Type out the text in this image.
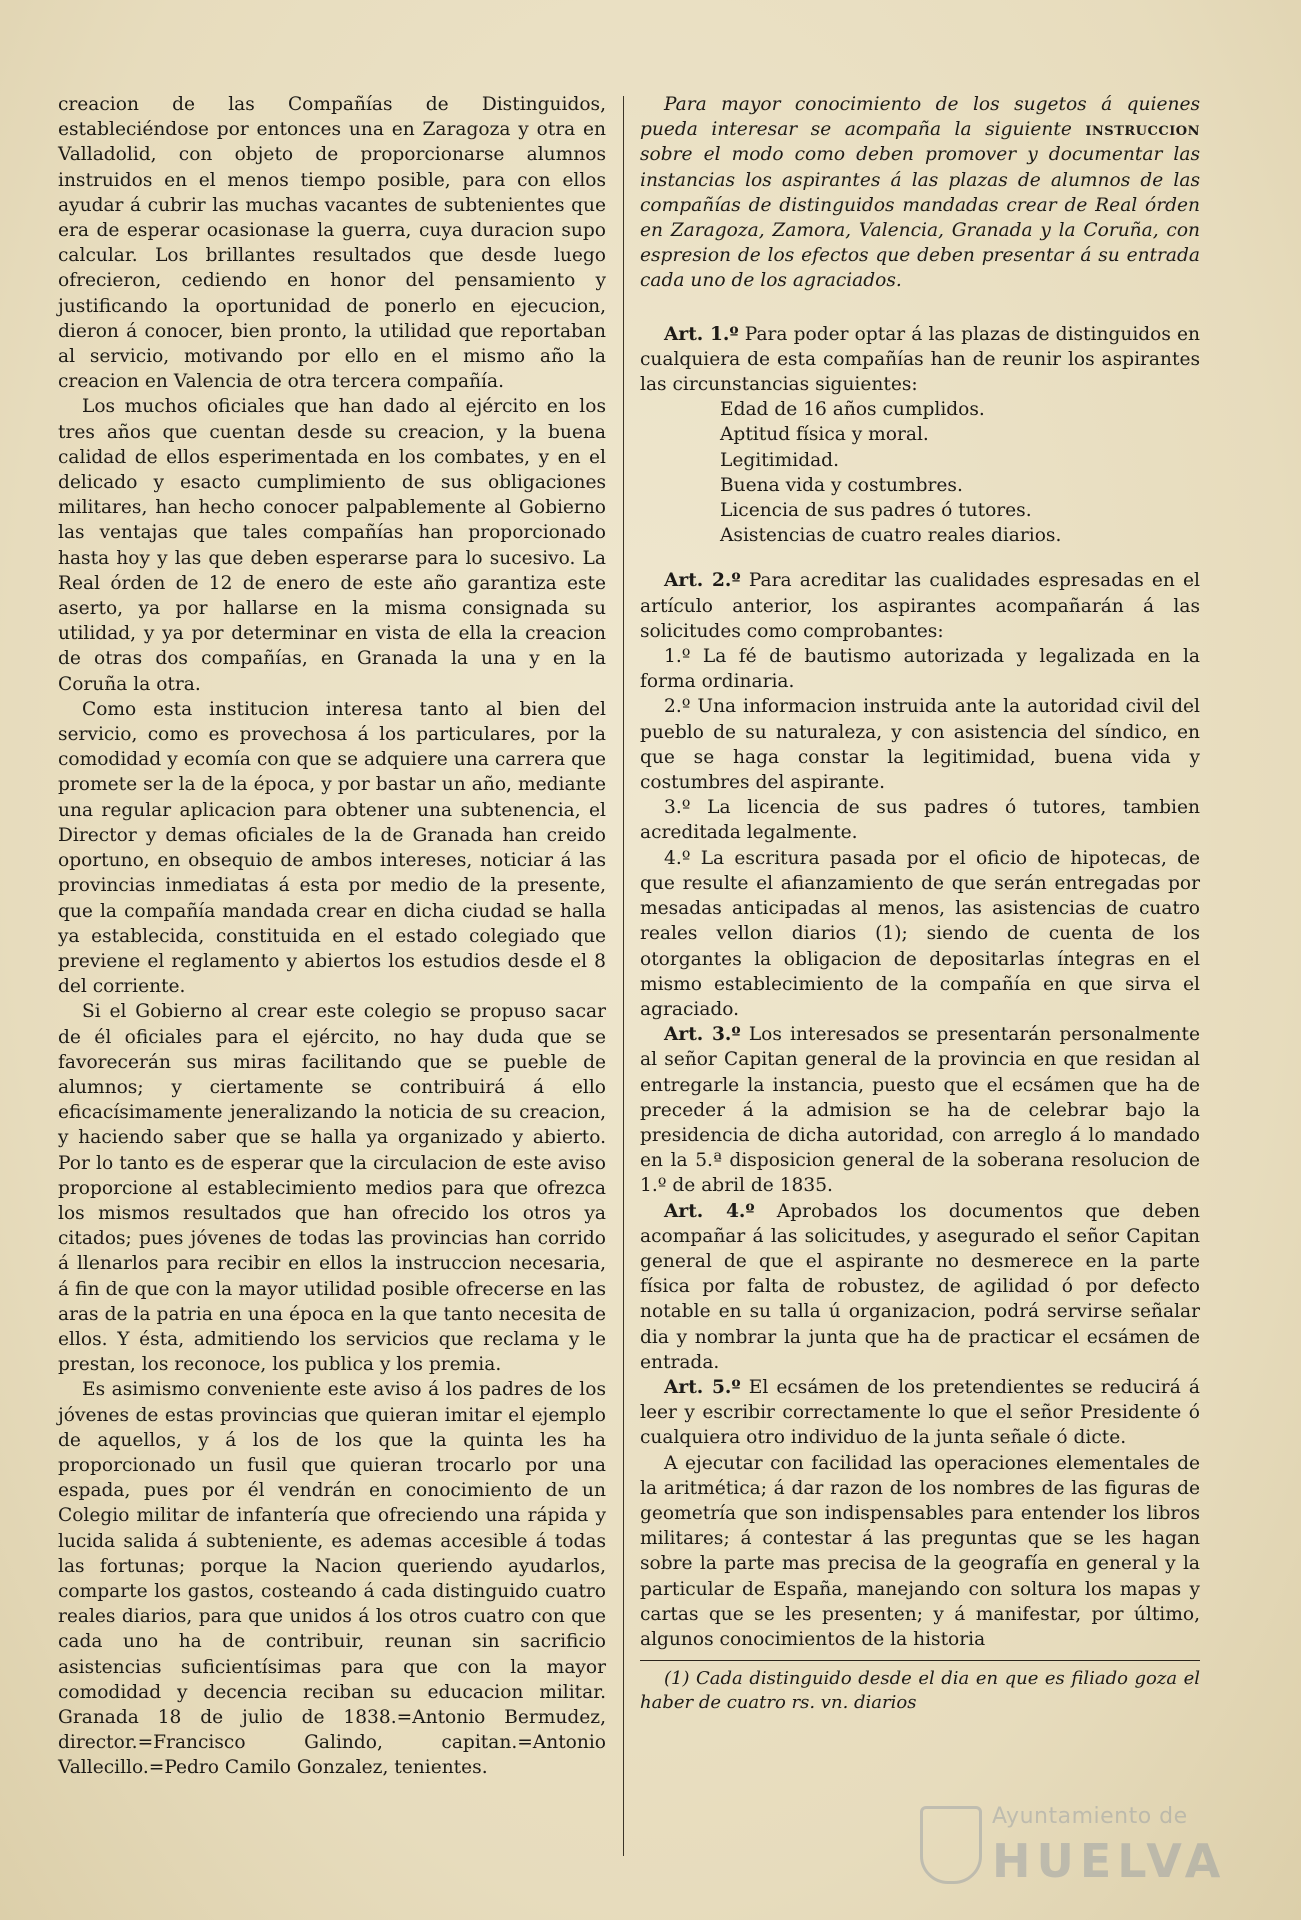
creacion de las Compañías de Distinguidos, estableciéndose por entonces una en Zaragoza y otra en Valladolid, con objeto de proporcionarse alumnos instruidos en el menos tiempo posible, para con ellos ayudar á cubrir las muchas vacantes de subtenientes que era de esperar ocasionase la guerra, cuya duracion supo calcular. Los brillantes resultados que desde luego ofrecieron, cediendo en honor del pensamiento y justificando la oportunidad de ponerlo en ejecucion, dieron á conocer, bien pronto, la utilidad que reportaban al servicio, motivando por ello en el mismo año la creacion en Valencia de otra tercera compañía.

Los muchos oficiales que han dado al ejército en los tres años que cuentan desde su creacion, y la buena calidad de ellos esperimentada en los combates, y en el delicado y esacto cumplimiento de sus obligaciones militares, han hecho conocer palpablemente al Gobierno las ventajas que tales compañías han proporcionado hasta hoy y las que deben esperarse para lo sucesivo. La Real órden de 12 de enero de este año garantiza este aserto, ya por hallarse en la misma consignada su utilidad, y ya por determinar en vista de ella la creacion de otras dos compañías, en Granada la una y en la Coruña la otra.

Como esta institucion interesa tanto al bien del servicio, como es provechosa á los particulares, por la comodidad y ecomía con que se adquiere una carrera que promete ser la de la época, y por bastar un año, mediante una regular aplicacion para obtener una subtenencia, el Director y demas oficiales de la de Granada han creido oportuno, en obsequio de ambos intereses, noticiar á las provincias inmediatas á esta por medio de la presente, que la compañía mandada crear en dicha ciudad se halla ya establecida, constituida en el estado colegiado que previene el reglamento y abiertos los estudios desde el 8 del corriente.

Si el Gobierno al crear este colegio se propuso sacar de él oficiales para el ejército, no hay duda que se favorecerán sus miras facilitando que se pueble de alumnos; y ciertamente se contribuirá á ello eficacísimamente jeneralizando la noticia de su creacion, y haciendo saber que se halla ya organizado y abierto. Por lo tanto es de esperar que la circulacion de este aviso proporcione al establecimiento medios para que ofrezca los mismos resultados que han ofrecido los otros ya citados; pues jóvenes de todas las provincias han corrido á llenarlos para recibir en ellos la instruccion necesaria, á fin de que con la mayor utilidad posible ofrecerse en las aras de la patria en una época en la que tanto necesita de ellos. Y ésta, admitiendo los servicios que reclama y le prestan, los reconoce, los publica y los premia.

Es asimismo conveniente este aviso á los padres de los jóvenes de estas provincias que quieran imitar el ejemplo de aquellos, y á los de los que la quinta les ha proporcionado un fusil que quieran trocarlo por una espada, pues por él vendrán en conocimiento de un Colegio militar de infantería que ofreciendo una rápida y lucida salida á subteniente, es ademas accesible á todas las fortunas; porque la Nacion queriendo ayudarlos, comparte los gastos, costeando á cada distinguido cuatro reales diarios, para que unidos á los otros cuatro con que cada uno ha de contribuir, reunan sin sacrificio asistencias suficientísimas para que con la mayor comodidad y decencia reciban su educacion militar. Granada 18 de julio de 1838.=Antonio Bermudez, director.=Francisco Galindo, capitan.=Antonio Vallecillo.=Pedro Camilo Gonzalez, tenientes.

Para mayor conocimiento de los sugetos á quienes pueda interesar se acompaña la siguiente instruccion sobre el modo como deben promover y documentar las instancias los aspirantes á las plazas de alumnos de las compañías de distinguidos mandadas crear de Real órden en Zaragoza, Zamora, Valencia, Granada y la Coruña, con espresion de los efectos que deben presentar á su entrada cada uno de los agraciados.

Art. 1.º Para poder optar á las plazas de distinguidos en cualquiera de esta compañías han de reunir los aspirantes las circunstancias siguientes:

Edad de 16 años cumplidos.

Aptitud física y moral.

Legitimidad.

Buena vida y costumbres.

Licencia de sus padres ó tutores.

Asistencias de cuatro reales diarios.

Art. 2.º Para acreditar las cualidades espresadas en el artículo anterior, los aspirantes acompañarán á las solicitudes como comprobantes:

1.º La fé de bautismo autorizada y legalizada en la forma ordinaria.

2.º Una informacion instruida ante la autoridad civil del pueblo de su naturaleza, y con asistencia del síndico, en que se haga constar la legitimidad, buena vida y costumbres del aspirante.

3.º La licencia de sus padres ó tutores, tambien acreditada legalmente.

4.º La escritura pasada por el oficio de hipotecas, de que resulte el afianzamiento de que serán entregadas por mesadas anticipadas al menos, las asistencias de cuatro reales vellon diarios (1); siendo de cuenta de los otorgantes la obligacion de depositarlas íntegras en el mismo establecimiento de la compañía en que sirva el agraciado.

Art. 3.º Los interesados se presentarán personalmente al señor Capitan general de la provincia en que residan al entregarle la instancia, puesto que el ecsámen que ha de preceder á la admision se ha de celebrar bajo la presidencia de dicha autoridad, con arreglo á lo mandado en la 5.ª disposicion general de la soberana resolucion de 1.º de abril de 1835.

Art. 4.º Aprobados los documentos que deben acompañar á las solicitudes, y asegurado el señor Capitan general de que el aspirante no desmerece en la parte física por falta de robustez, de agilidad ó por defecto notable en su talla ú organizacion, podrá servirse señalar dia y nombrar la junta que ha de practicar el ecsámen de entrada.

Art. 5.º El ecsámen de los pretendientes se reducirá á leer y escribir correctamente lo que el señor Presidente ó cualquiera otro individuo de la junta señale ó dicte.

A ejecutar con facilidad las operaciones elementales de la aritmética; á dar razon de los nombres de las figuras de geometría que son indispensables para entender los libros militares; á contestar á las preguntas que se les hagan sobre la parte mas precisa de la geografía en general y la particular de España, manejando con soltura los mapas y cartas que se les presenten; y á manifestar, por último, algunos conocimientos de la historia

(1) Cada distinguido desde el dia en que es filiado goza el haber de cuatro rs. vn. diarios

Ayuntamiento de
HUELVA
